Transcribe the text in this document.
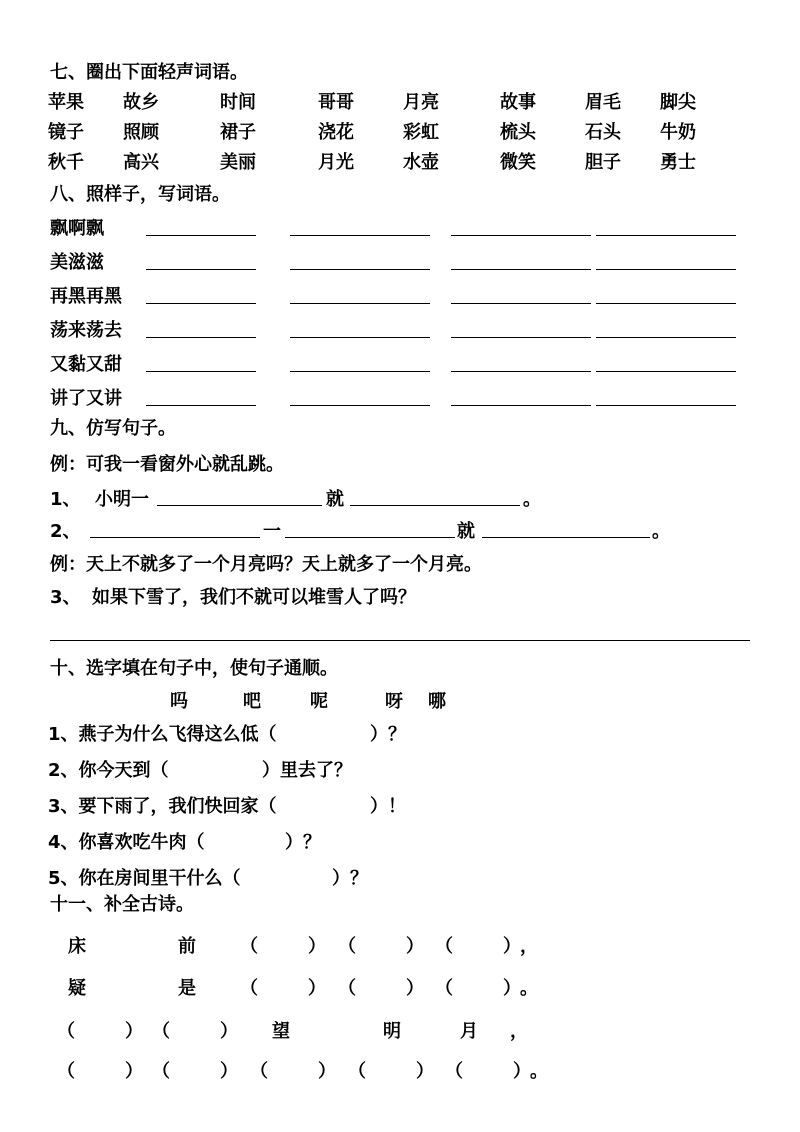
七、圈出下面轻声词语。
苹果 故乡	时间	哥哥	月亮	故事	眉毛 脚尖
镜子 照顾	裙子	浇花	彩虹	梳头	石头 牛奶
秋千 高兴	美丽	月光	水壶	微笑	胆子 勇士
八、照样子，写词语。
飘啊飘
美滋滋
再黑再黑
荡来荡去
又黏又甜
讲了又讲
九、仿写句子。
例：可我一看窗外心就乱跳。
1、 小明一	就	。
2、	一	就	。
例：天上不就多了一个月亮吗？天上就多了一个月亮。
3、 如果下雪了，我们不就可以堆雪人了吗？
十、选字填在句子中，使句子通顺。
吗	吧	呢	呀 哪
1、燕子为什么飞得这么低（	）？
2、你今天到（	）里去了？
3、要下雨了，我们快回家（	）！
4、你喜欢吃牛肉（	）？
5、你在房间里干什么（	）？
十一、补全古诗。
床	前 （	） （	） （	） ，
疑	是 （	） （	） （	） 。
（	） （	） 望	明	月 ，
（	） （	） （	） （	） （	） 。
